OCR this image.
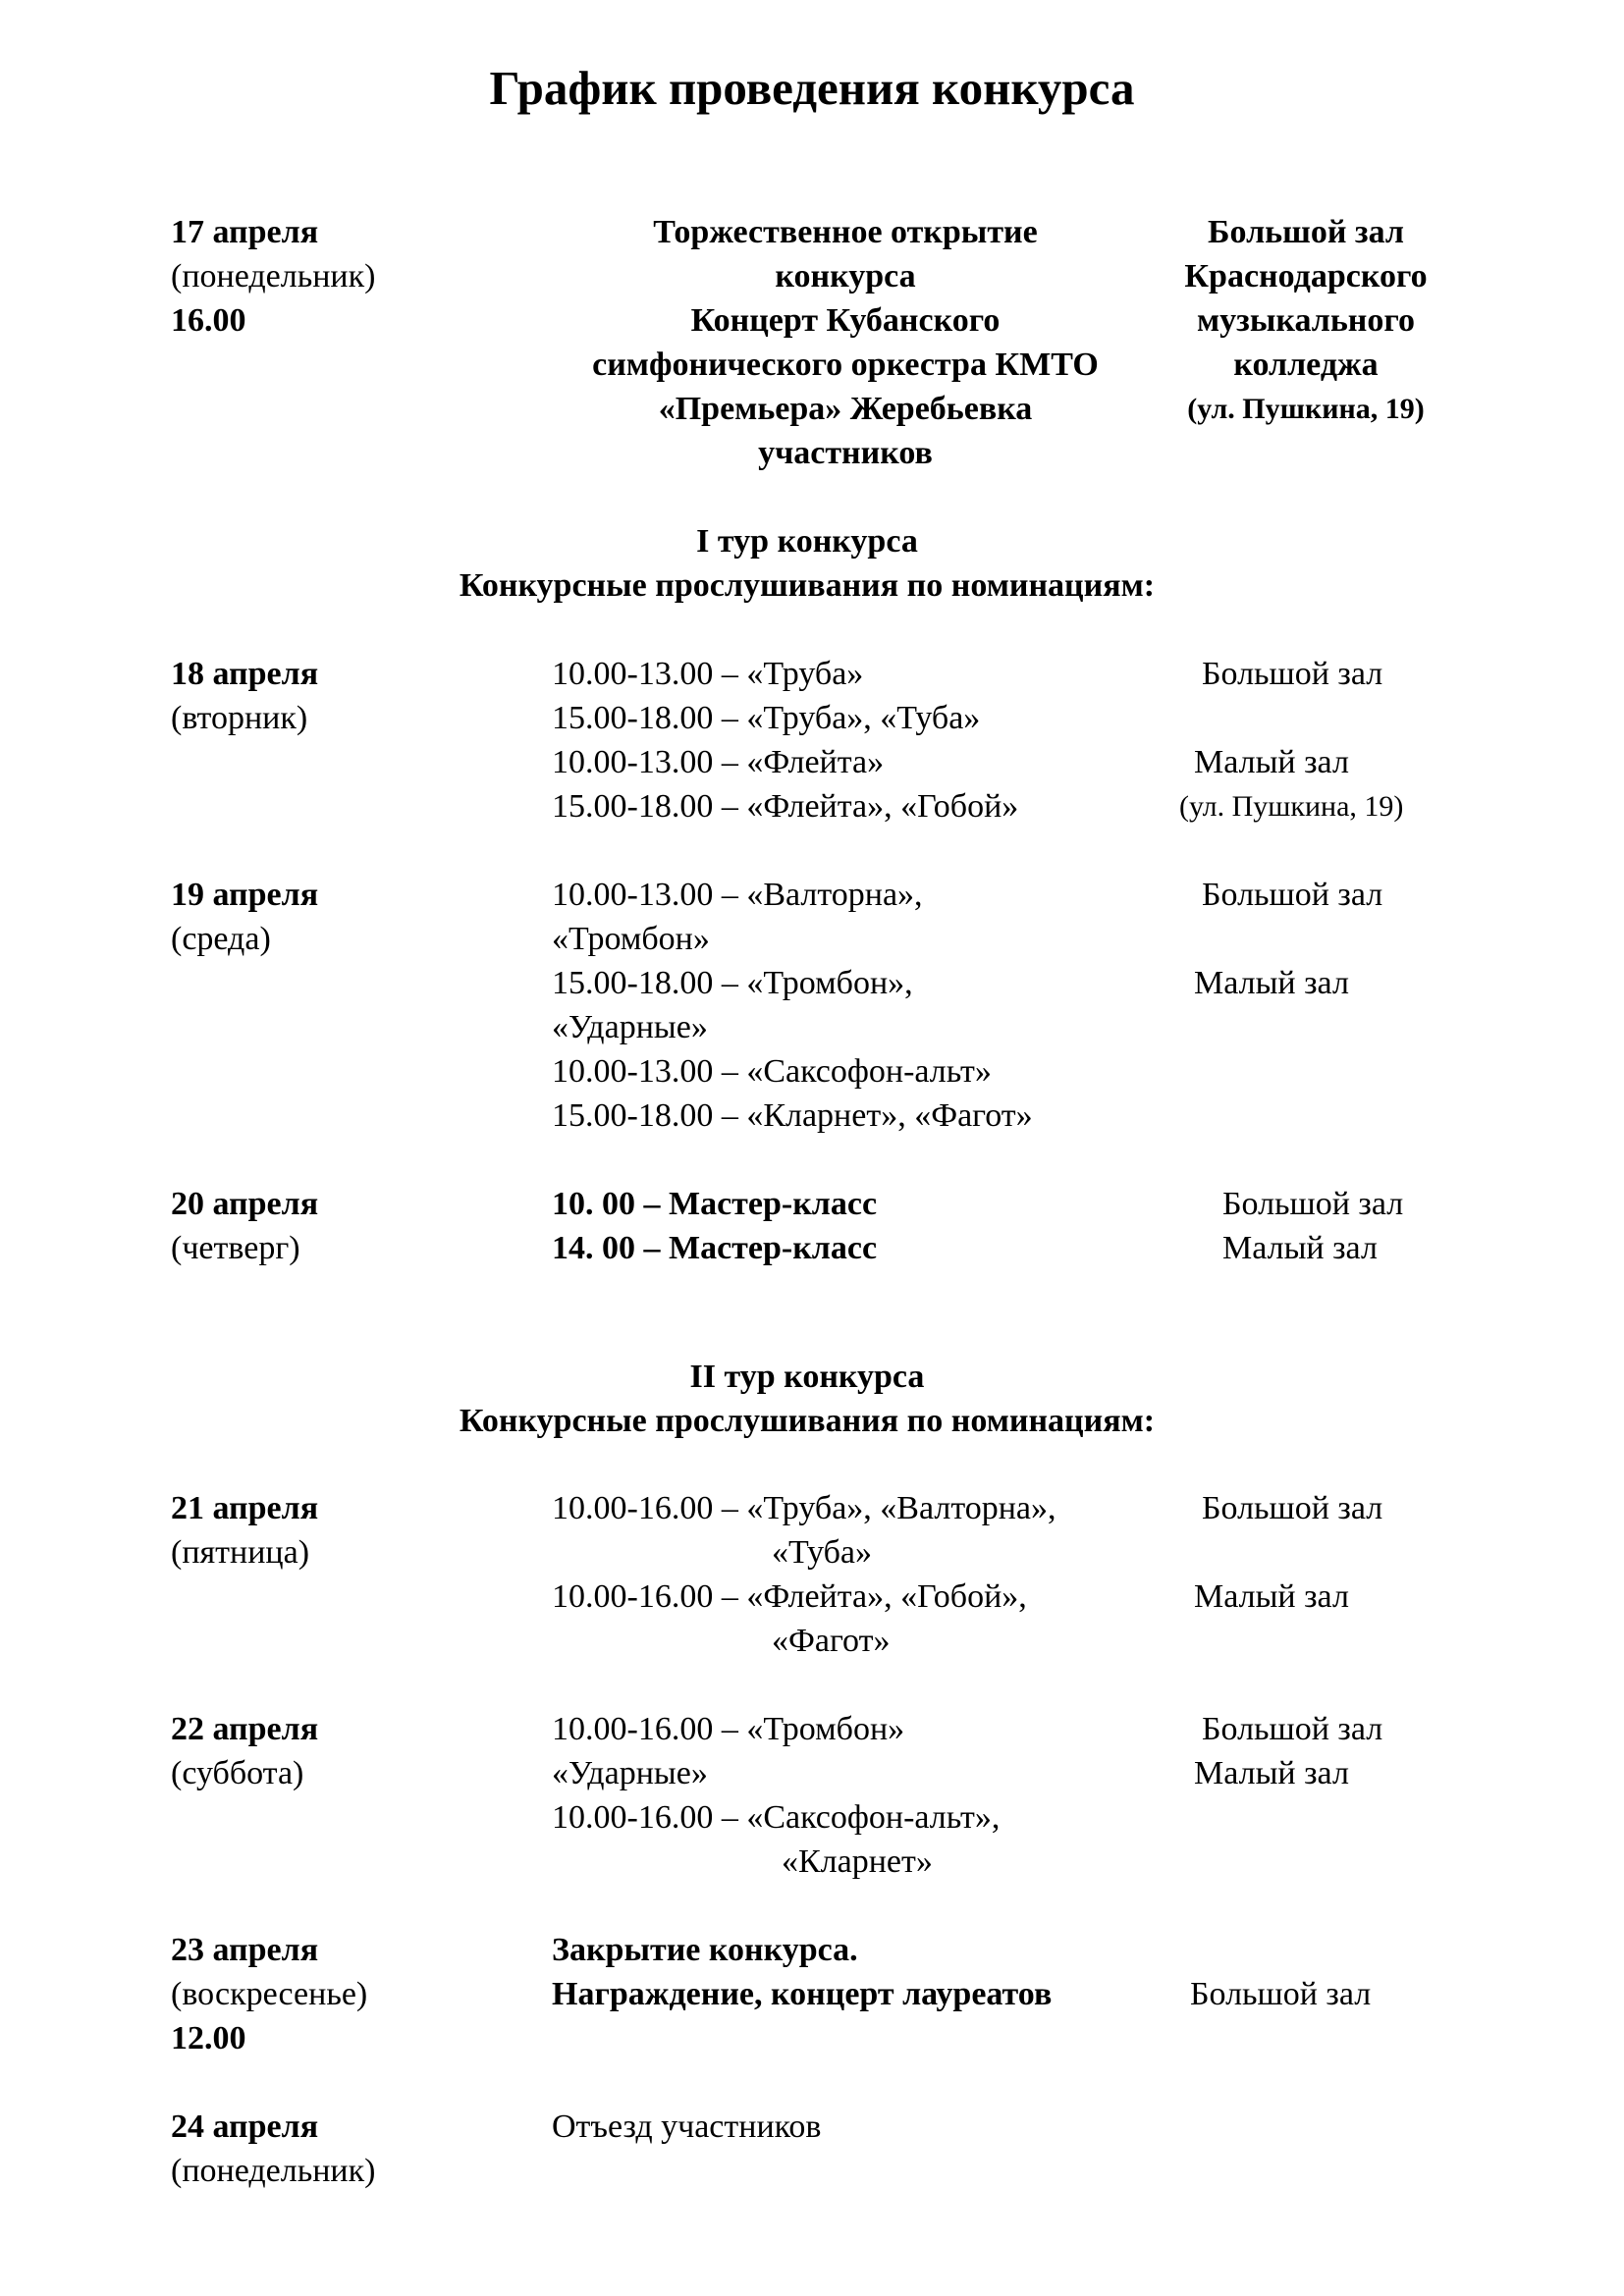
График проведения конкурса
17 апреля
(понедельник)
16.00
Торжественное открытие
конкурса
Концерт Кубанского
симфонического оркестра КМТО
«Премьера» Жеребьевка
участников
Большой зал
Краснодарского
музыкального
колледжа
(ул. Пушкина, 19)
I тур конкурса
Конкурсные прослушивания по номинациям:
18 апреля
(вторник)
10.00-13.00 – «Труба»
15.00-18.00 – «Труба», «Туба»
10.00-13.00 – «Флейта»
15.00-18.00 – «Флейта», «Гобой»
Большой зал
Малый зал
(ул. Пушкина, 19)
19 апреля
(среда)
10.00-13.00 – «Валторна»,
«Тромбон»
15.00-18.00 – «Тромбон»,
«Ударные»
10.00-13.00 – «Саксофон-альт»
15.00-18.00 – «Кларнет», «Фагот»
Большой зал
Малый зал
20 апреля
(четверг)
10. 00 – Мастер-класс
14. 00 – Мастер-класс
Большой зал
Малый зал
II тур конкурса
Конкурсные прослушивания по номинациям:
21 апреля
(пятница)
10.00-16.00 – «Труба», «Валторна»,
«Туба»
10.00-16.00 – «Флейта», «Гобой»,
«Фагот»
Большой зал
Малый зал
22 апреля
(суббота)
10.00-16.00 – «Тромбон»
«Ударные»
10.00-16.00 – «Саксофон-альт»,
«Кларнет»
Большой зал
Малый зал
23 апреля
(воскресенье)
12.00
Закрытие конкурса.
Награждение, концерт лауреатов	Большой зал
24 апреля
(понедельник)
Отъезд участников
